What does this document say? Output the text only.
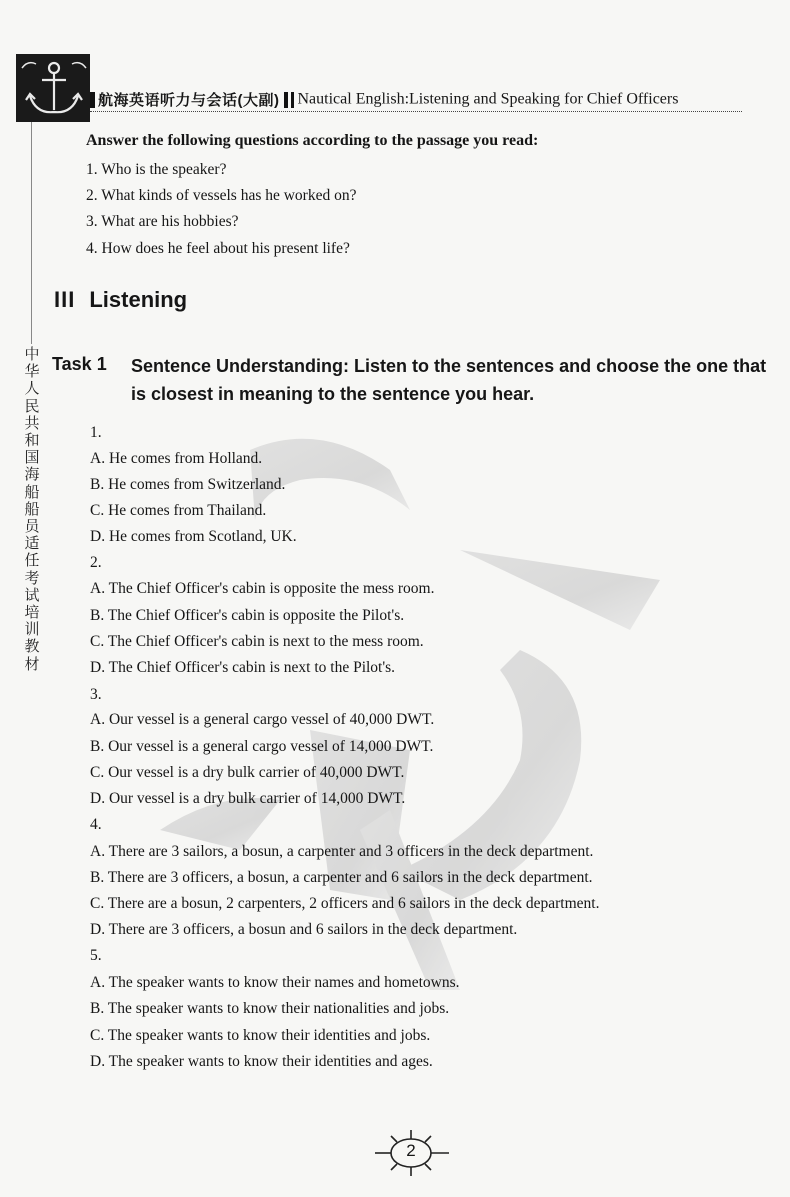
航海英语听力与会话(大副) Nautical English:Listening and Speaking for Chief Officers
中华人民共和国海船船员适任考试培训教材
Answer the following questions according to the passage you read:
1. Who is the speaker?
2. What kinds of vessels has he worked on?
3. What are his hobbies?
4. How does he feel about his present life?
III Listening
Task 1 Sentence Understanding: Listen to the sentences and choose the one that is closest in meaning to the sentence you hear.
1.
A. He comes from Holland.
B. He comes from Switzerland.
C. He comes from Thailand.
D. He comes from Scotland, UK.
2.
A. The Chief Officer's cabin is opposite the mess room.
B. The Chief Officer's cabin is opposite the Pilot's.
C. The Chief Officer's cabin is next to the mess room.
D. The Chief Officer's cabin is next to the Pilot's.
3.
A. Our vessel is a general cargo vessel of 40,000 DWT.
B. Our vessel is a general cargo vessel of 14,000 DWT.
C. Our vessel is a dry bulk carrier of 40,000 DWT.
D. Our vessel is a dry bulk carrier of 14,000 DWT.
4.
A. There are 3 sailors, a bosun, a carpenter and 3 officers in the deck department.
B. There are 3 officers, a bosun, a carpenter and 6 sailors in the deck department.
C. There are a bosun, 2 carpenters, 2 officers and 6 sailors in the deck department.
D. There are 3 officers, a bosun and 6 sailors in the deck department.
5.
A. The speaker wants to know their names and hometowns.
B. The speaker wants to know their nationalities and jobs.
C. The speaker wants to know their identities and jobs.
D. The speaker wants to know their identities and ages.
2
